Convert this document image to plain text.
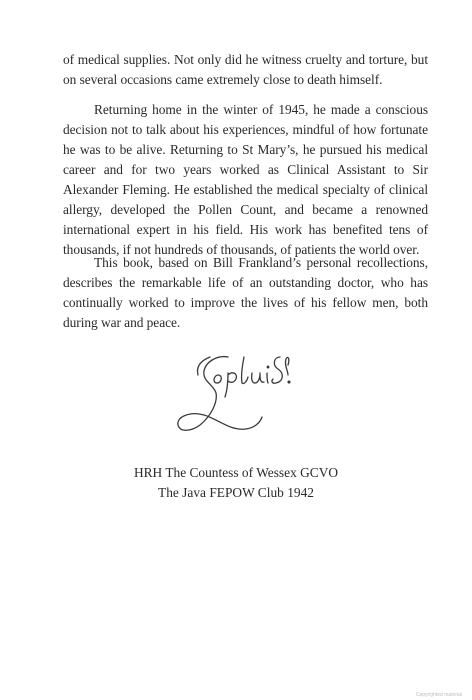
of medical supplies. Not only did he witness cruelty and torture, but on several occasions came extremely close to death himself.

Returning home in the winter of 1945, he made a conscious decision not to talk about his experiences, mindful of how fortunate he was to be alive. Returning to St Mary’s, he pursued his medical career and for two years worked as Clinical Assistant to Sir Alexander Fleming. He established the medical specialty of clinical allergy, developed the Pollen Count, and became a renowned international expert in his field. His work has benefited tens of thousands, if not hundreds of thousands, of patients the world over.

This book, based on Bill Frankland’s personal recollections, describes the remarkable life of an outstanding doctor, who has continually worked to improve the lives of his fellow men, both during war and peace.

HRH The Countess of Wessex GCVO
The Java FEPOW Club 1942
Copyrighted material
